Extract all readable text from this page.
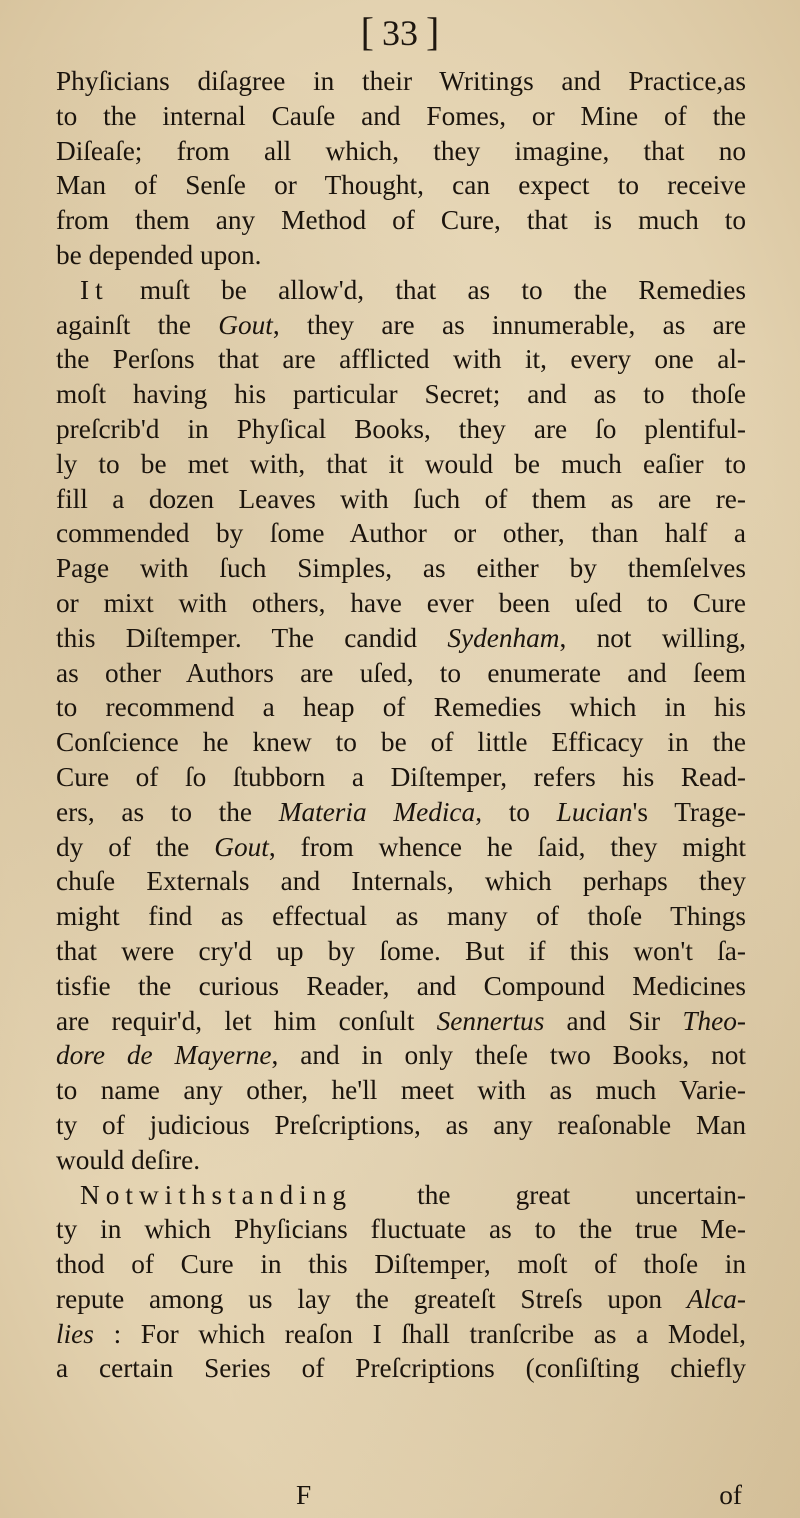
[ 33 ]
Phyſicians diſagree in their Writings and Practice,as
to the internal Cauſe and Fomes, or Mine of the
Diſeaſe; from all which, they imagine, that no
Man of Senſe or Thought, can expect to receive
from them any Method of Cure, that is much to
be depended upon.
It muſt be allow'd, that as to the Remedies
againſt the Gout, they are as innumerable, as are
the Perſons that are afflicted with it, every one al-
moſt having his particular Secret; and as to thoſe
preſcrib'd in Phyſical Books, they are ſo plentiful-
ly to be met with, that it would be much eaſier to
fill a dozen Leaves with ſuch of them as are re-
commended by ſome Author or other, than half a
Page with ſuch Simples, as either by themſelves
or mixt with others, have ever been uſed to Cure
this Diſtemper. The candid Sydenham, not willing,
as other Authors are uſed, to enumerate and ſeem
to recommend a heap of Remedies which in his
Conſcience he knew to be of little Efficacy in the
Cure of ſo ſtubborn a Diſtemper, refers his Read-
ers, as to the Materia Medica, to Lucian's Trage-
dy of the Gout, from whence he ſaid, they might
chuſe Externals and Internals, which perhaps they
might find as effectual as many of thoſe Things
that were cry'd up by ſome. But if this won't ſa-
tisfie the curious Reader, and Compound Medicines
are requir'd, let him conſult Sennertus and Sir Theo-
dore de Mayerne, and in only theſe two Books, not
to name any other, he'll meet with as much Varie-
ty of judicious Preſcriptions, as any reaſonable Man
would deſire.
Notwithstanding the great uncertain-
ty in which Phyſicians fluctuate as to the true Me-
thod of Cure in this Diſtemper, moſt of thoſe in
repute among us lay the greateſt Streſs upon Alca-
lies : For which reaſon I ſhall tranſcribe as a Model,
a certain Series of Preſcriptions (conſiſting chiefly
F	of
